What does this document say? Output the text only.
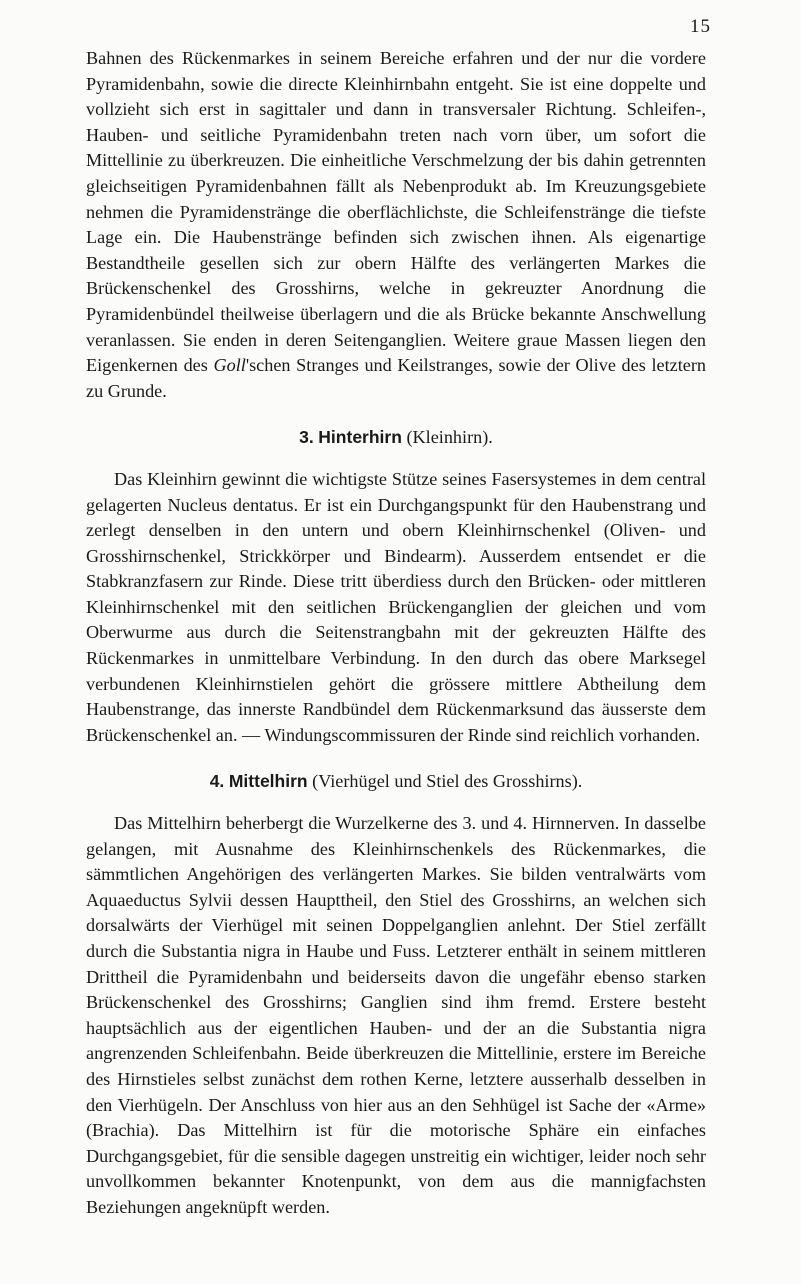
15

Bahnen des Rückenmarkes in seinem Bereiche erfahren und der nur die vordere Pyramidenbahn, sowie die directe Kleinhirnbahn entgeht. Sie ist eine doppelte und vollzieht sich erst in sagittaler und dann in transversaler Richtung. Schleifen-, Hauben- und seitliche Pyramidenbahn treten nach vorn über, um sofort die Mittellinie zu überkreuzen. Die einheitliche Verschmelzung der bis dahin getrennten gleichseitigen Pyramidenbahnen fällt als Nebenprodukt ab. Im Kreuzungsgebiete nehmen die Pyramidenstränge die oberflächlichste, die Schleifenstränge die tiefste Lage ein. Die Haubenstränge befinden sich zwischen ihnen. Als eigenartige Bestandtheile gesellen sich zur obern Hälfte des verlängerten Markes die Brückenschenkel des Grosshirns, welche in gekreuzter Anordnung die Pyramidenbündel theilweise überlagern und die als Brücke bekannte Anschwellung veranlassen. Sie enden in deren Seitenganglien. Weitere graue Massen liegen den Eigenkernen des Goll'schen Stranges und Keilstranges, sowie der Olive des letztern zu Grunde.

3. Hinterhirn (Kleinhirn).

Das Kleinhirn gewinnt die wichtigste Stütze seines Fasersystemes in dem central gelagerten Nucleus dentatus. Er ist ein Durchgangspunkt für den Haubenstrang und zerlegt denselben in den untern und obern Kleinhirnschenkel (Oliven- und Grosshirnschenkel, Strickkörper und Bindearm). Ausserdem entsendet er die Stabkranzfasern zur Rinde. Diese tritt überdiess durch den Brücken- oder mittleren Kleinhirnschenkel mit den seitlichen Brückenganglien der gleichen und vom Oberwurme aus durch die Seitenstrangbahn mit der gekreuzten Hälfte des Rückenmarkes in unmittelbare Verbindung. In den durch das obere Marksegel verbundenen Kleinhirnstielen gehört die grössere mittlere Abtheilung dem Haubenstrange, das innerste Randbündel dem Rückenmarksund das äusserste dem Brückenschenkel an. — Windungscommissuren der Rinde sind reichlich vorhanden.

4. Mittelhirn (Vierhügel und Stiel des Grosshirns).

Das Mittelhirn beherbergt die Wurzelkerne des 3. und 4. Hirnnerven. In dasselbe gelangen, mit Ausnahme des Kleinhirnschenkels des Rückenmarkes, die sämmtlichen Angehörigen des verlängerten Markes. Sie bilden ventralwärts vom Aquaeductus Sylvii dessen Haupttheil, den Stiel des Grosshirns, an welchen sich dorsalwärts der Vierhügel mit seinen Doppelganglien anlehnt. Der Stiel zerfällt durch die Substantia nigra in Haube und Fuss. Letzterer enthält in seinem mittleren Drittheil die Pyramidenbahn und beiderseits davon die ungefähr ebenso starken Brückenschenkel des Grosshirns; Ganglien sind ihm fremd. Erstere besteht hauptsächlich aus der eigentlichen Hauben- und der an die Substantia nigra angrenzenden Schleifenbahn. Beide überkreuzen die Mittellinie, erstere im Bereiche des Hirnstieles selbst zunächst dem rothen Kerne, letztere ausserhalb desselben in den Vierhügeln. Der Anschluss von hier aus an den Sehhügel ist Sache der «Arme» (Brachia). Das Mittelhirn ist für die motorische Sphäre ein einfaches Durchgangsgebiet, für die sensible dagegen unstreitig ein wichtiger, leider noch sehr unvollkommen bekannter Knotenpunkt, von dem aus die mannigfachsten Beziehungen angeknüpft werden.
